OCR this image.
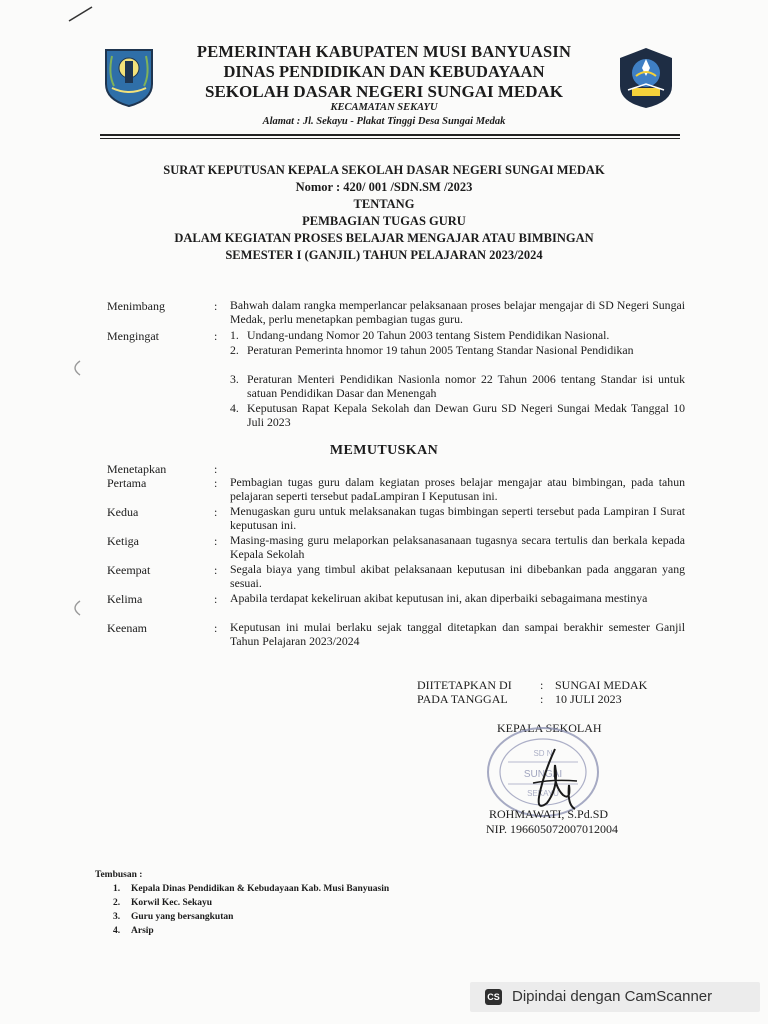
PEMERINTAH KABUPATEN MUSI BANYUASIN
DINAS PENDIDIKAN DAN KEBUDAYAAN
SEKOLAH DASAR NEGERI SUNGAI MEDAK
KECAMATAN SEKAYU
Alamat : Jl. Sekayu - Plakat Tinggi Desa Sungai Medak
SURAT KEPUTUSAN KEPALA SEKOLAH DASAR NEGERI SUNGAI MEDAK
Nomor : 420/ 001 /SDN.SM /2023
TENTANG
PEMBAGIAN TUGAS GURU
DALAM KEGIATAN PROSES BELAJAR MENGAJAR ATAU BIMBINGAN
SEMESTER I (GANJIL) TAHUN PELAJARAN 2023/2024
Menimbang	: Bahwah dalam rangka memperlancar pelaksanaan proses belajar mengajar di SD Negeri Sungai Medak, perlu menetapkan pembagian tugas guru.
Mengingat	: 1. Undang-undang Nomor 20 Tahun 2003 tentang Sistem Pendidikan Nasional.
2. Peraturan Pemerinta hnomor 19 tahun 2005 Tentang Standar Nasional Pendidikan
3. Peraturan Menteri Pendidikan Nasionla nomor 22 Tahun 2006 tentang Standar isi untuk satuan Pendidikan Dasar dan Menengah
4. Keputusan Rapat Kepala Sekolah dan Dewan Guru SD Negeri Sungai Medak Tanggal 10 Juli 2023
MEMUTUSKAN
Menetapkan	:
Pertama	: Pembagian tugas guru dalam kegiatan proses belajar mengajar atau bimbingan, pada tahun pelajaran seperti tersebut padaLampiran I Keputusan ini.
Kedua	: Menugaskan guru untuk melaksanakan tugas bimbingan seperti tersebut pada Lampiran I Surat keputusan ini.
Ketiga	: Masing-masing guru melaporkan pelaksanasanaan tugasnya secara tertulis dan berkala kepada Kepala Sekolah
Keempat	: Segala biaya yang timbul akibat pelaksanaan keputusan ini dibebankan pada anggaran yang sesuai.
Kelima	: Apabila terdapat kekeliruan akibat keputusan ini, akan diperbaiki sebagaimana mestinya
Keenam	: Keputusan ini mulai berlaku sejak tanggal ditetapkan dan sampai berakhir semester Ganjil Tahun Pelajaran 2023/2024
DIITETAPKAN DI : SUNGAI MEDAK
PADA TANGGAL	: 10 JULI 2023
KEPALA SEKOLAH
SUNGAI
SD N
SEKAYU
ROHMAWATI, S.Pd.SD
NIP. 196605072007012004
Tembusan :
1. Kepala Dinas Pendidikan & Kebudayaan Kab. Musi Banyuasin
2. Korwil Kec. Sekayu
3. Guru yang bersangkutan
4. Arsip
CS Dipindai dengan CamScanner
